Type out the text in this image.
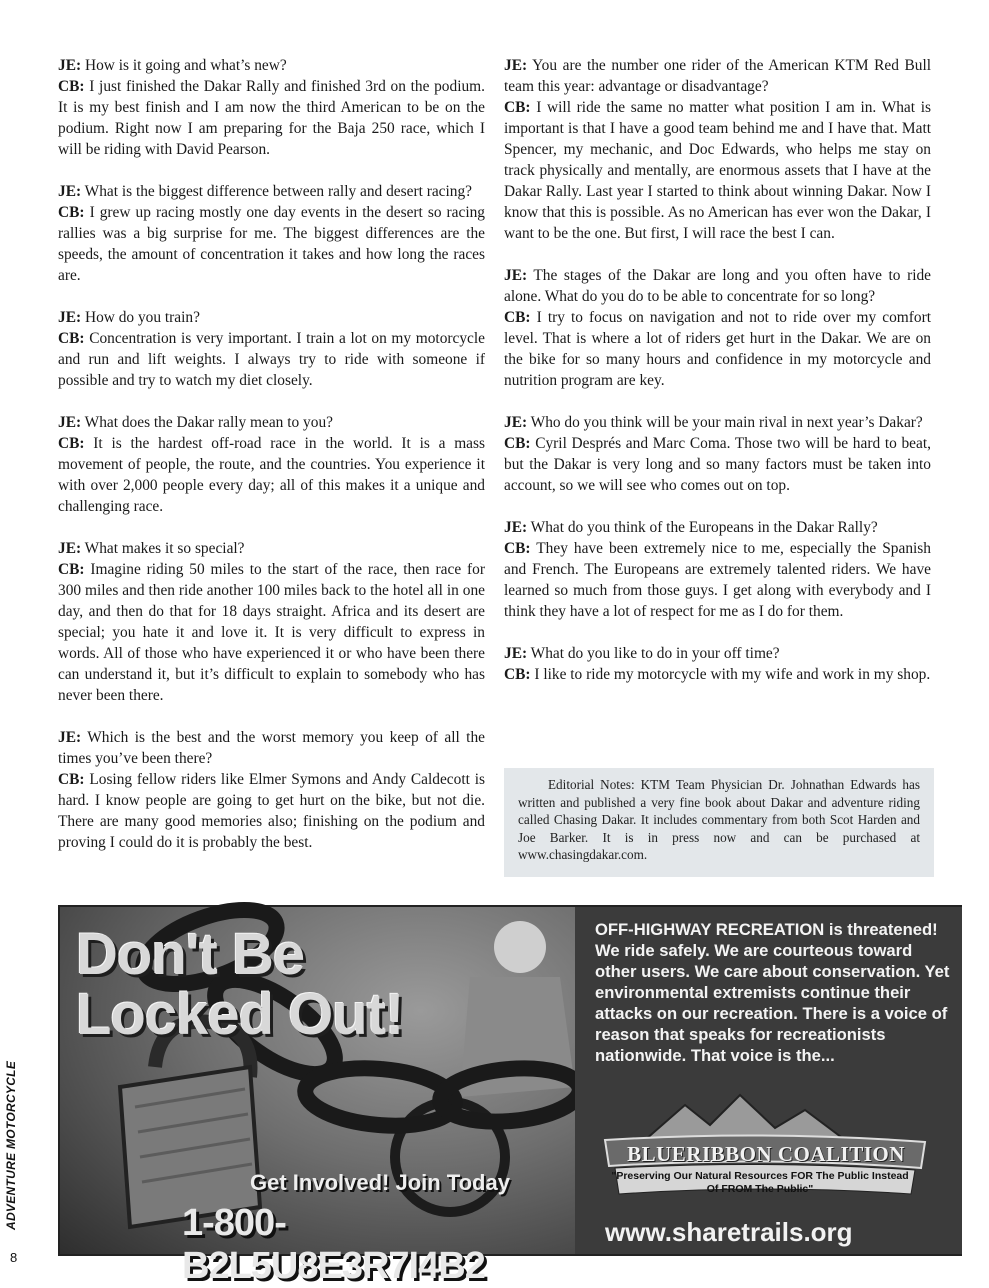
JE: How is it going and what’s new?

CB: I just finished the Dakar Rally and finished 3rd on the podium. It is my best finish and I am now the third American to be on the podium. Right now I am preparing for the Baja 250 race, which I will be riding with David Pearson.

JE: What is the biggest difference between rally and desert racing?

CB: I grew up racing mostly one day events in the desert so racing rallies was a big surprise for me. The biggest differences are the speeds, the amount of concentration it takes and how long the races are.

JE: How do you train?

CB: Concentration is very important. I train a lot on my motorcycle and run and lift weights. I always try to ride with someone if possible and try to watch my diet closely.

JE: What does the Dakar rally mean to you?

CB: It is the hardest off-road race in the world. It is a mass movement of people, the route, and the countries. You experience it with over 2,000 people every day; all of this makes it a unique and challenging race.

JE: What makes it so special?

CB: Imagine riding 50 miles to the start of the race, then race for 300 miles and then ride another 100 miles back to the hotel all in one day, and then do that for 18 days straight. Africa and its desert are special; you hate it and love it. It is very difficult to express in words. All of those who have experienced it or who have been there can understand it, but it’s difficult to explain to somebody who has never been there.

JE: Which is the best and the worst memory you keep of all the times you’ve been there?

CB: Losing fellow riders like Elmer Symons and Andy Caldecott is hard. I know people are going to get hurt on the bike, but not die. There are many good memories also; finishing on the podium and proving I could do it is probably the best.

JE: You are the number one rider of the American KTM Red Bull team this year: advantage or disadvantage?

CB: I will ride the same no matter what position I am in. What is important is that I have a good team behind me and I have that. Matt Spencer, my mechanic, and Doc Edwards, who helps me stay on track physically and mentally, are enormous assets that I have at the Dakar Rally. Last year I started to think about winning Dakar. Now I know that this is possible. As no American has ever won the Dakar, I want to be the one. But first, I will race the best I can.

JE: The stages of the Dakar are long and you often have to ride alone. What do you do to be able to concentrate for so long?

CB: I try to focus on navigation and not to ride over my comfort level. That is where a lot of riders get hurt in the Dakar. We are on the bike for so many hours and confidence in my motorcycle and nutrition program are key.

JE: Who do you think will be your main rival in next year’s Dakar?

CB: Cyril Després and Marc Coma. Those two will be hard to beat, but the Dakar is very long and so many factors must be taken into account, so we will see who comes out on top.

JE: What do you think of the Europeans in the Dakar Rally?

CB: They have been extremely nice to me, especially the Spanish and French. The Europeans are extremely talented riders. We have learned so much from those guys. I get along with everybody and I think they have a lot of respect for me as I do for them.

JE: What do you like to do in your off time?

CB: I like to ride my motorcycle with my wife and work in my shop.

Editorial Notes: KTM Team Physician Dr. Johnathan Edwards has written and published a very fine book about Dakar and adventure riding called Chasing Dakar. It includes commentary from both Scot Harden and Joe Barker. It is in press now and can be purchased at www.chasingdakar.com.

Don't Be
Locked Out!
Get Involved! Join Today
1-800-B2L5U8E3R7I4B2
OFF-HIGHWAY RECREATION is threatened!
We ride safely. We are courteous toward other users. We care about conservation. Yet environmental extremists continue their attacks on our recreation. There is a voice of reason that speaks for recreationists nationwide. That voice is the...
BLUERIBBON COALITION
"Preserving Our Natural Resources FOR The Public Instead Of FROM The Public"
www.sharetrails.org
ADVENTURE MOTORCYCLE
8
